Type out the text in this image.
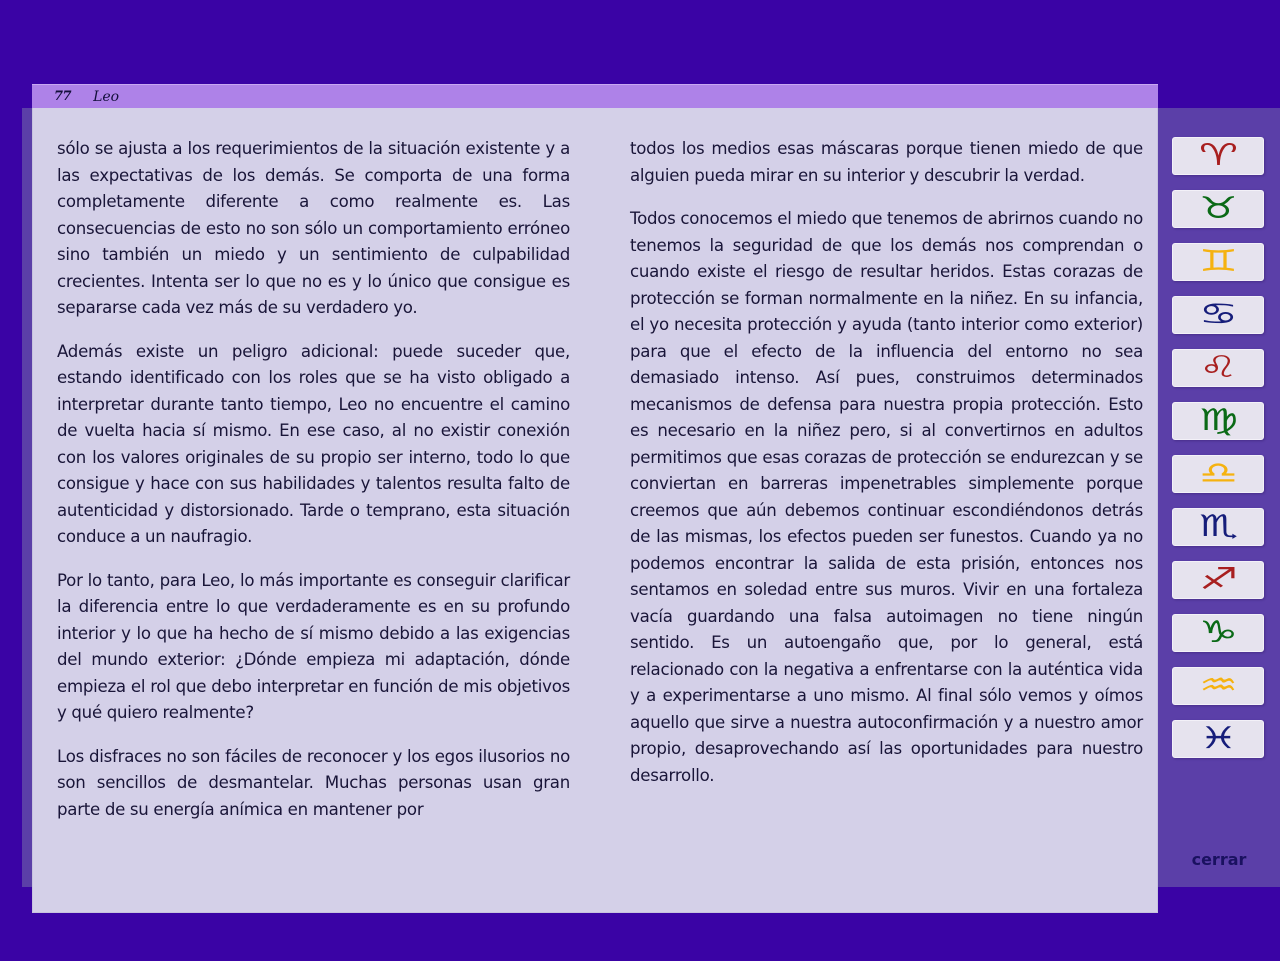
77 Leo

sólo se ajusta a los requerimientos de la situación existente y a las expectativas de los demás. Se comporta de una forma completamente diferente a como realmente es. Las consecuencias de esto no son sólo un comportamiento erróneo sino también un miedo y un sentimiento de culpabilidad crecientes. Intenta ser lo que no es y lo único que consigue es separarse cada vez más de su verdadero yo.

Además existe un peligro adicional: puede suceder que, estando identificado con los roles que se ha visto obligado a interpretar durante tanto tiempo, Leo no encuentre el camino de vuelta hacia sí mismo. En ese caso, al no existir conexión con los valores originales de su propio ser interno, todo lo que consigue y hace con sus habilidades y talentos resulta falto de autenticidad y distorsionado. Tarde o temprano, esta situación conduce a un naufragio.

Por lo tanto, para Leo, lo más importante es conseguir clarificar la diferencia entre lo que verdaderamente es en su profundo interior y lo que ha hecho de sí mismo debido a las exigencias del mundo exterior: ¿Dónde empieza mi adaptación, dónde empieza el rol que debo interpretar en función de mis objetivos y qué quiero realmente?

Los disfraces no son fáciles de reconocer y los egos ilusorios no son sencillos de desmantelar. Muchas personas usan gran parte de su energía anímica en mantener por

todos los medios esas máscaras porque tienen miedo de que alguien pueda mirar en su interior y descubrir la verdad.

Todos conocemos el miedo que tenemos de abrirnos cuando no tenemos la seguridad de que los demás nos comprendan o cuando existe el riesgo de resultar heridos. Estas corazas de protección se forman normalmente en la niñez. En su infancia, el yo necesita protección y ayuda (tanto interior como exterior) para que el efecto de la influencia del entorno no sea demasiado intenso. Así pues, construimos determinados mecanismos de defensa para nuestra propia protección. Esto es necesario en la niñez pero, si al convertirnos en adultos permitimos que esas corazas de protección se endurezcan y se conviertan en barreras impenetrables simplemente porque creemos que aún debemos continuar escondiéndonos detrás de las mismas, los efectos pueden ser funestos. Cuando ya no podemos encontrar la salida de esta prisión, entonces nos sentamos en soledad entre sus muros. Vivir en una fortaleza vacía guardando una falsa autoimagen no tiene ningún sentido. Es un autoengaño que, por lo general, está relacionado con la negativa a enfrentarse con la auténtica vida y a experimentarse a uno mismo. Al final sólo vemos y oímos aquello que sirve a nuestra autoconfirmación y a nuestro amor propio, desaprovechando así las oportunidades para nuestro desarrollo.

♈
♉
♊
♋
♌
♍
♎
♏
♐
♑
♒
♓
cerrar
